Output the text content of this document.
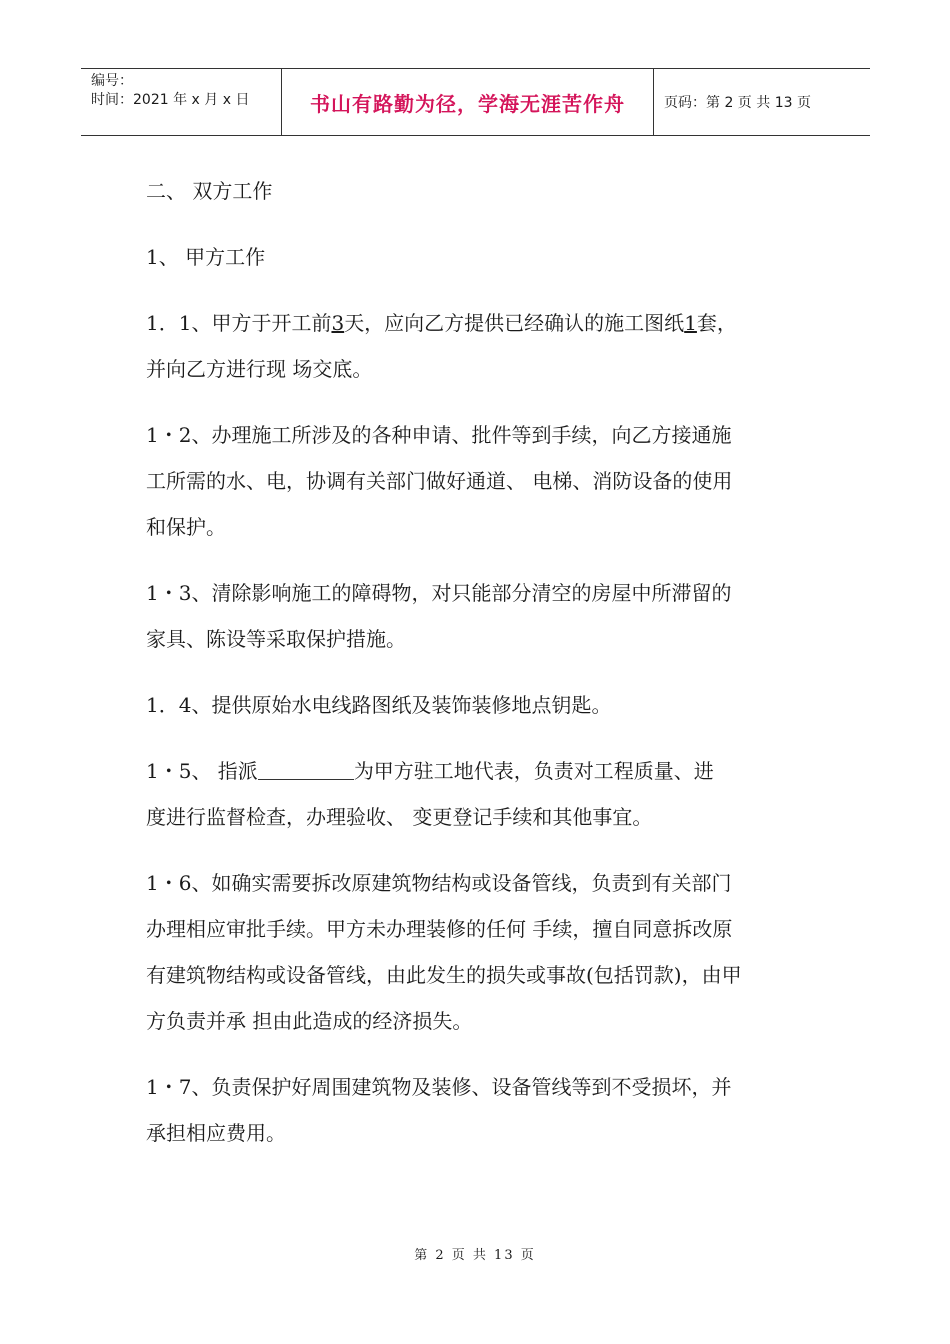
编号：
时间：2021 年 x 月 x 日	书山有路勤为径，学海无涯苦作舟	页码：第 2 页 共 13 页

二、 双方工作

1、 甲方工作

1．1、甲方于开工前3天，应向乙方提供已经确认的施工图纸1套，

并向乙方进行现 场交底。

1・2、办理施工所涉及的各种申请、批件等到手续，向乙方接通施

工所需的水、电，协调有关部门做好通道、 电梯、消防设备的使用

和保护。

1・3、清除影响施工的障碍物，对只能部分清空的房屋中所滞留的

家具、陈设等采取保护措施。

1．4、提供原始水电线路图纸及装饰装修地点钥匙。

1・5、 指派	为甲方驻工地代表，负责对工程质量、进

度进行监督检查，办理验收、 变更登记手续和其他事宜。

1・6、如确实需要拆改原建筑物结构或设备管线，负责到有关部门

办理相应审批手续。甲方未办理装修的任何 手续，擅自同意拆改原

有建筑物结构或设备管线，由此发生的损失或事故(包括罚款)，由甲

方负责并承 担由此造成的经济损失。

1・7、负责保护好周围建筑物及装修、设备管线等到不受损坏，并

承担相应费用。

第 2 页 共 13 页
